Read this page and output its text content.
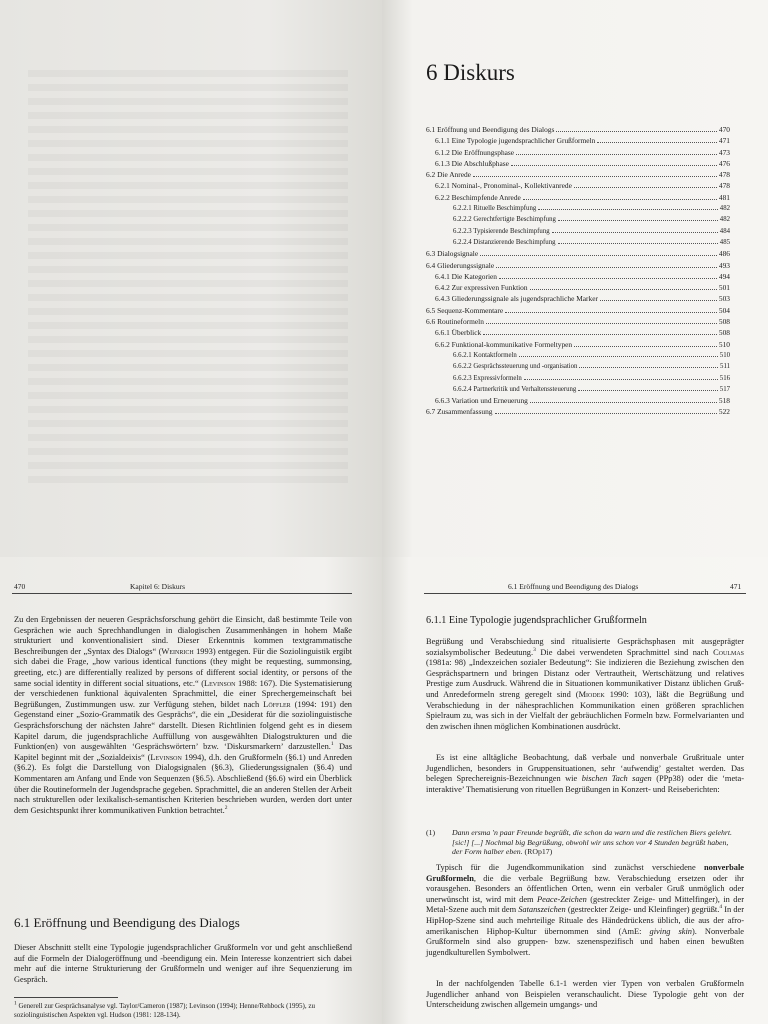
6 Diskurs
6.1 Eröffnung und Beendigung des Dialogs	470
6.1.1 Eine Typologie jugendsprachlicher Grußformeln	471
6.1.2 Die Eröffnungsphase	473
6.1.3 Die Abschlußphase	476
6.2 Die Anrede	478
6.2.1 Nominal-, Pronominal-, Kollektivanrede	478
6.2.2 Beschimpfende Anrede	481
6.2.2.1 Rituelle Beschimpfung	482
6.2.2.2 Gerechtfertigte Beschimpfung	482
6.2.2.3 Typisierende Beschimpfung	484
6.2.2.4 Distanzierende Beschimpfung	485
6.3 Dialogsignale	486
6.4 Gliederungssignale	493
6.4.1 Die Kategorien	494
6.4.2 Zur expressiven Funktion	501
6.4.3 Gliederungssignale als jugendsprachliche Marker	503
6.5 Sequenz-Kommentare	504
6.6 Routineformeln	508
6.6.1 Überblick	508
6.6.2 Funktional-kommunikative Formeltypen	510
6.6.2.1 Kontaktformeln	510
6.6.2.2 Gesprächssteuerung und -organisation	511
6.6.2.3 Expressivformeln	516
6.6.2.4 Partnerkritik und Verhaltenssteuerung	517
6.6.3 Variation und Erneuerung	518
6.7 Zusammenfassung	522
470	Kapitel 6: Diskurs

Zu den Ergebnissen der neueren Gesprächsforschung gehört die Einsicht, daß bestimmte Teile von Gesprächen wie auch Sprechhandlungen in dialogischen Zusammenhängen in hohem Maße strukturiert und konventionalisiert sind. Dieser Erkenntnis kommen textgrammatische Beschreibungen der „Syntax des Dialogs“ (Weinrich 1993) entgegen. Für die Soziolinguistik ergibt sich dabei die Frage, „how various identical functions (they might be requesting, summonsing, greeting, etc.) are differentially realized by persons of different social identity, or persons of the same social identity in different social situations, etc.“ (Levinson 1988: 167). Die Systematisierung der verschiedenen funktional äquivalenten Sprachmittel, die einer Sprechergemeinschaft bei Begrüßungen, Zustimmungen usw. zur Verfügung stehen, bildet nach Löffler (1994: 191) den Gegenstand einer „Sozio-Grammatik des Gesprächs“, die ein „Desiderat für die soziolinguistische Gesprächsforschung der nächsten Jahre“ darstellt. Diesen Richtlinien folgend geht es in diesem Kapitel darum, die jugendsprachliche Auffüllung von ausgewählten Dialogstrukturen und die Funktion(en) von ausgewählten ‘Gesprächswörtern’ bzw. ‘Diskursmarkern’ darzustellen.$^1$ Das Kapitel beginnt mit der „Sozialdeixis“ (Levinson 1994), d.h. den Grußformeln (§6.1) und Anreden (§6.2). Es folgt die Darstellung von Dialogsignalen (§6.3), Gliederungssignalen (§6.4) und Kommentaren am Anfang und Ende von Sequenzen (§6.5). Abschließend (§6.6) wird ein Überblick über die Routineformeln der Jugendsprache gegeben. Sprachmittel, die an anderen Stellen der Arbeit nach strukturellen oder lexikalisch-semantischen Kriterien beschrieben wurden, werden dort unter dem Gesichtspunkt ihrer kommunikativen Funktion betrachtet.$^2$

6.1 Eröffnung und Beendigung des Dialogs

Dieser Abschnitt stellt eine Typologie jugendsprachlicher Grußformeln vor und geht anschließend auf die Formeln der Dialogeröffnung und -beendigung ein. Mein Interesse konzentriert sich dabei mehr auf die interne Strukturierung der Grußformeln und weniger auf ihre Sequenzierung im Gespräch.

$^1$ Generell zur Gesprächsanalyse vgl. Taylor/Cameron (1987); Levinson (1994); Henne/Rehbock (1995), zu soziolinguistischen Aspekten vgl. Hudson (1981: 128-134).

6.1 Eröffnung und Beendigung des Dialogs	471
6.1.1 Eine Typologie jugendsprachlicher Grußformeln

Begrüßung und Verabschiedung sind ritualisierte Gesprächsphasen mit ausgeprägter sozialsymbolischer Bedeutung.$^3$ Die dabei verwendeten Sprachmittel sind nach Coulmas (1981a: 98) „Indexzeichen sozialer Bedeutung“: Sie indizieren die Beziehung zwischen den Gesprächspartnern und bringen Distanz oder Vertrautheit, Wertschätzung und relatives Prestige zum Ausdruck. Während die in Situationen kommunikativer Distanz üblichen Gruß- und Anredeformeln streng geregelt sind (Miodek 1990: 103), läßt die Begrüßung und Verabschiedung in der nähesprachlichen Kommunikation einen größeren sprachlichen Spielraum zu, was sich in der Vielfalt der gebräuchlichen Formeln bzw. Formelvarianten und den zwischen ihnen möglichen Kombinationen ausdrückt.

Es ist eine alltägliche Beobachtung, daß verbale und nonverbale Grußrituale unter Jugendlichen, besonders in Gruppensituationen, sehr ‘aufwendig’ gestaltet werden. Das belegen Sprechereignis-Bezeichnungen wie bischen Tach sagen (PPp38) oder die ‘meta-interaktive’ Thematisierung von rituellen Begrüßungen in Konzert- und Reiseberichten:

(1)	Dann ersma 'n paar Freunde begrüßt, die schon da warn und die restlichen Biers gelehrt. [sic!] [...] Nochmal big Begrüßung, obwohl wir uns schon vor 4 Stunden begrüßt haben, der Form halber eben. (ROp17)

Typisch für die Jugendkommunikation sind zunächst verschiedene nonverbale Grußformeln, die die verbale Begrüßung bzw. Verabschiedung ersetzen oder ihr vorausgehen. Besonders an öffentlichen Orten, wenn ein verbaler Gruß unmöglich oder unerwünscht ist, wird mit dem Peace-Zeichen (gestreckter Zeige- und Mittelfinger), in der Metal-Szene auch mit dem Satanszeichen (gestreckter Zeige- und Kleinfinger) gegrüßt.$^4$ In der HipHop-Szene sind auch mehrteilige Rituale des Händedrückens üblich, die aus der afro-amerikanischen Hiphop-Kultur übernommen sind (AmE: giving skin). Nonverbale Grußformeln sind also gruppen- bzw. szenenspezifisch und haben einen bewußten jugendkulturellen Symbolwert.

In der nachfolgenden Tabelle 6.1-1 werden vier Typen von verbalen Grußformeln Jugendlicher anhand von Beispielen veranschaulicht. Diese Typologie geht von der Unterscheidung zwischen allgemein umgangs- und
